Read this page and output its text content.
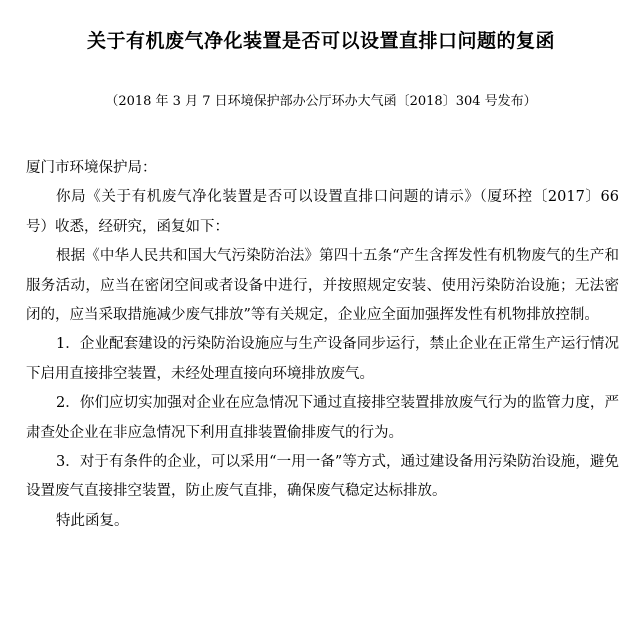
关于有机废气净化装置是否可以设置直排口问题的复函
（2018 年 3 月 7 日环境保护部办公厅环办大气函〔2018〕304 号发布）

厦门市环境保护局：

你局《关于有机废气净化装置是否可以设置直排口问题的请示》（厦环控〔2017〕66 号）收悉，经研究，函复如下：

根据《中华人民共和国大气污染防治法》第四十五条“产生含挥发性有机物废气的生产和服务活动，应当在密闭空间或者设备中进行，并按照规定安装、使用污染防治设施；无法密闭的，应当采取措施减少废气排放”等有关规定，企业应全面加强挥发性有机物排放控制。

1．企业配套建设的污染防治设施应与生产设备同步运行，禁止企业在正常生产运行情况下启用直接排空装置，未经处理直接向环境排放废气。

2．你们应切实加强对企业在应急情况下通过直接排空装置排放废气行为的监管力度，严肃查处企业在非应急情况下利用直排装置偷排废气的行为。

3．对于有条件的企业，可以采用“一用一备”等方式，通过建设备用污染防治设施，避免设置废气直接排空装置，防止废气直排，确保废气稳定达标排放。

特此函复。
